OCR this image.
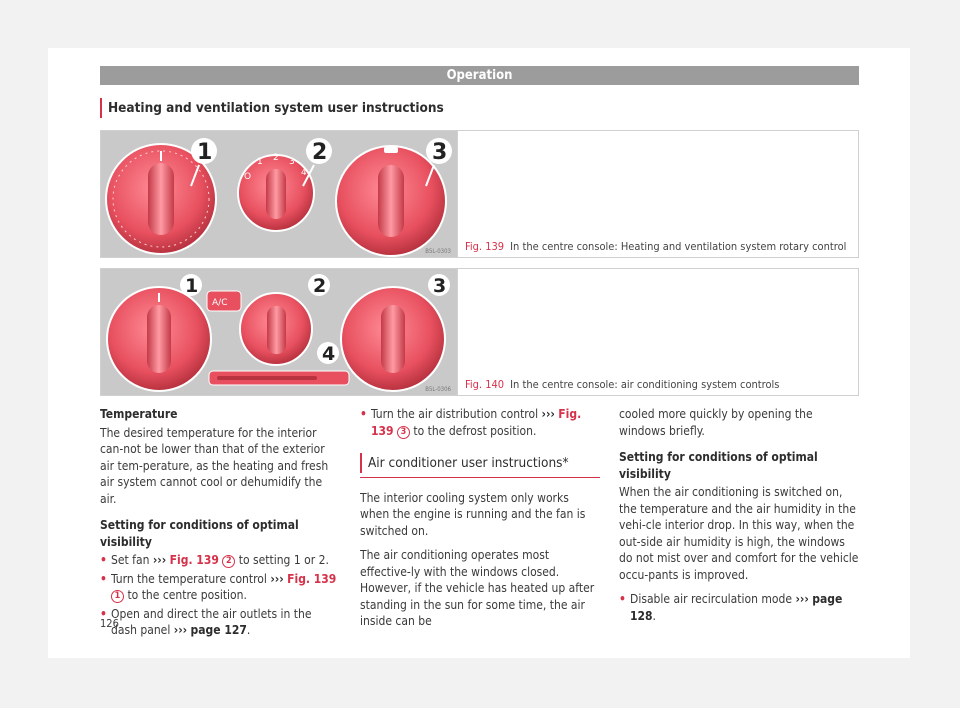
Operation
Heating and ventilation system user instructions
O
1 2 3
4
1	2	3
B5L-0303 Fig. 139 In the centre console: Heating and ventilation system rotary control
A/C
1	2	3
4
B5L-0306 Fig. 140 In the centre console: air conditioning system controls

Temperature

The desired temperature for the interior can-not be lower than that of the exterior air tem-perature, as the heating and fresh air system cannot cool or dehumidify the air.

Setting for conditions of optimal visibility

• Set fan ››› Fig. 139 2 to setting 1 or 2.
• Turn the temperature control ››› Fig. 139 1 to the centre position.
• Open and direct the air outlets in the dash panel ››› page 127.
• Turn the air distribution control ››› Fig. 139 3 to the defrost position.
Air conditioner user instructions*

The interior cooling system only works when the engine is running and the fan is switched on.

The air conditioning operates most effective-ly with the windows closed. However, if the vehicle has heated up after standing in the sun for some time, the air inside can be

cooled more quickly by opening the windows briefly.

Setting for conditions of optimal visibility

When the air conditioning is switched on, the temperature and the air humidity in the vehi-cle interior drop. In this way, when the out-side air humidity is high, the windows do not mist over and comfort for the vehicle occu-pants is improved.

• Disable air recirculation mode ››› page 128.
126
